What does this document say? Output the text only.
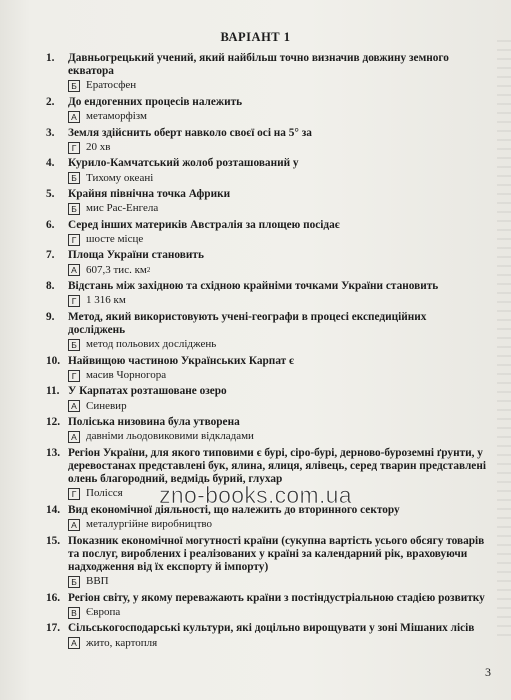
ВАРІАНТ 1
1.	Давньогрецький учений, який найбільш точно визначив довжину земного екватора
Б Ератосфен
2.	До ендогенних процесів належить
А метаморфізм
3.	Земля здійснить оберт навколо своєї осі на 5° за
Г 20 хв
4.	Курило-Камчатський жолоб розташований у
Б Тихому океані
5.	Крайня північна точка Африки
Б мис Рас-Енгела
6.	Серед інших материків Австралія за площею посідає
Г шосте місце
7.	Площа України становить
А 607,3 тис. км 2
8.	Відстань між західною та східною крайніми точками України становить
Г 1 316 км
9.	Метод, який використовують учені-географи в процесі експедиційних досліджень
Б метод польових досліджень
10. Найвищою частиною Українських Карпат є
Г масив Чорногора
11. У Карпатах розташоване озеро
А Синевир
12. Поліська низовина була утворена
А давніми льодовиковими відкладами
13. Регіон України, для якого типовими є бурі, сіро-бурі, дерново-буроземні ґрунти, у деревостанах представлені бук, ялина, ялиця, ялівець, серед тварин представлені олень благородний, ведмідь бурий, глухар
Г Полісся
14. Вид економічної діяльності, що належить до вторинного сектору
А металургійне виробництво
15. Показник економічної могутності країни (сукупна вартість усього обсягу товарів та послуг, вироблених і реалізованих у країні за календарний рік, враховуючи надходження від їх експорту й імпорту)
Б ВВП
16. Регіон світу, у якому переважають країни з постіндустріальною стадією розвитку
В Європа
17. Сільськогосподарські культури, які доцільно вирощувати у зоні Мішаних лісів
А жито, картопля
zno-books.com.ua
3
